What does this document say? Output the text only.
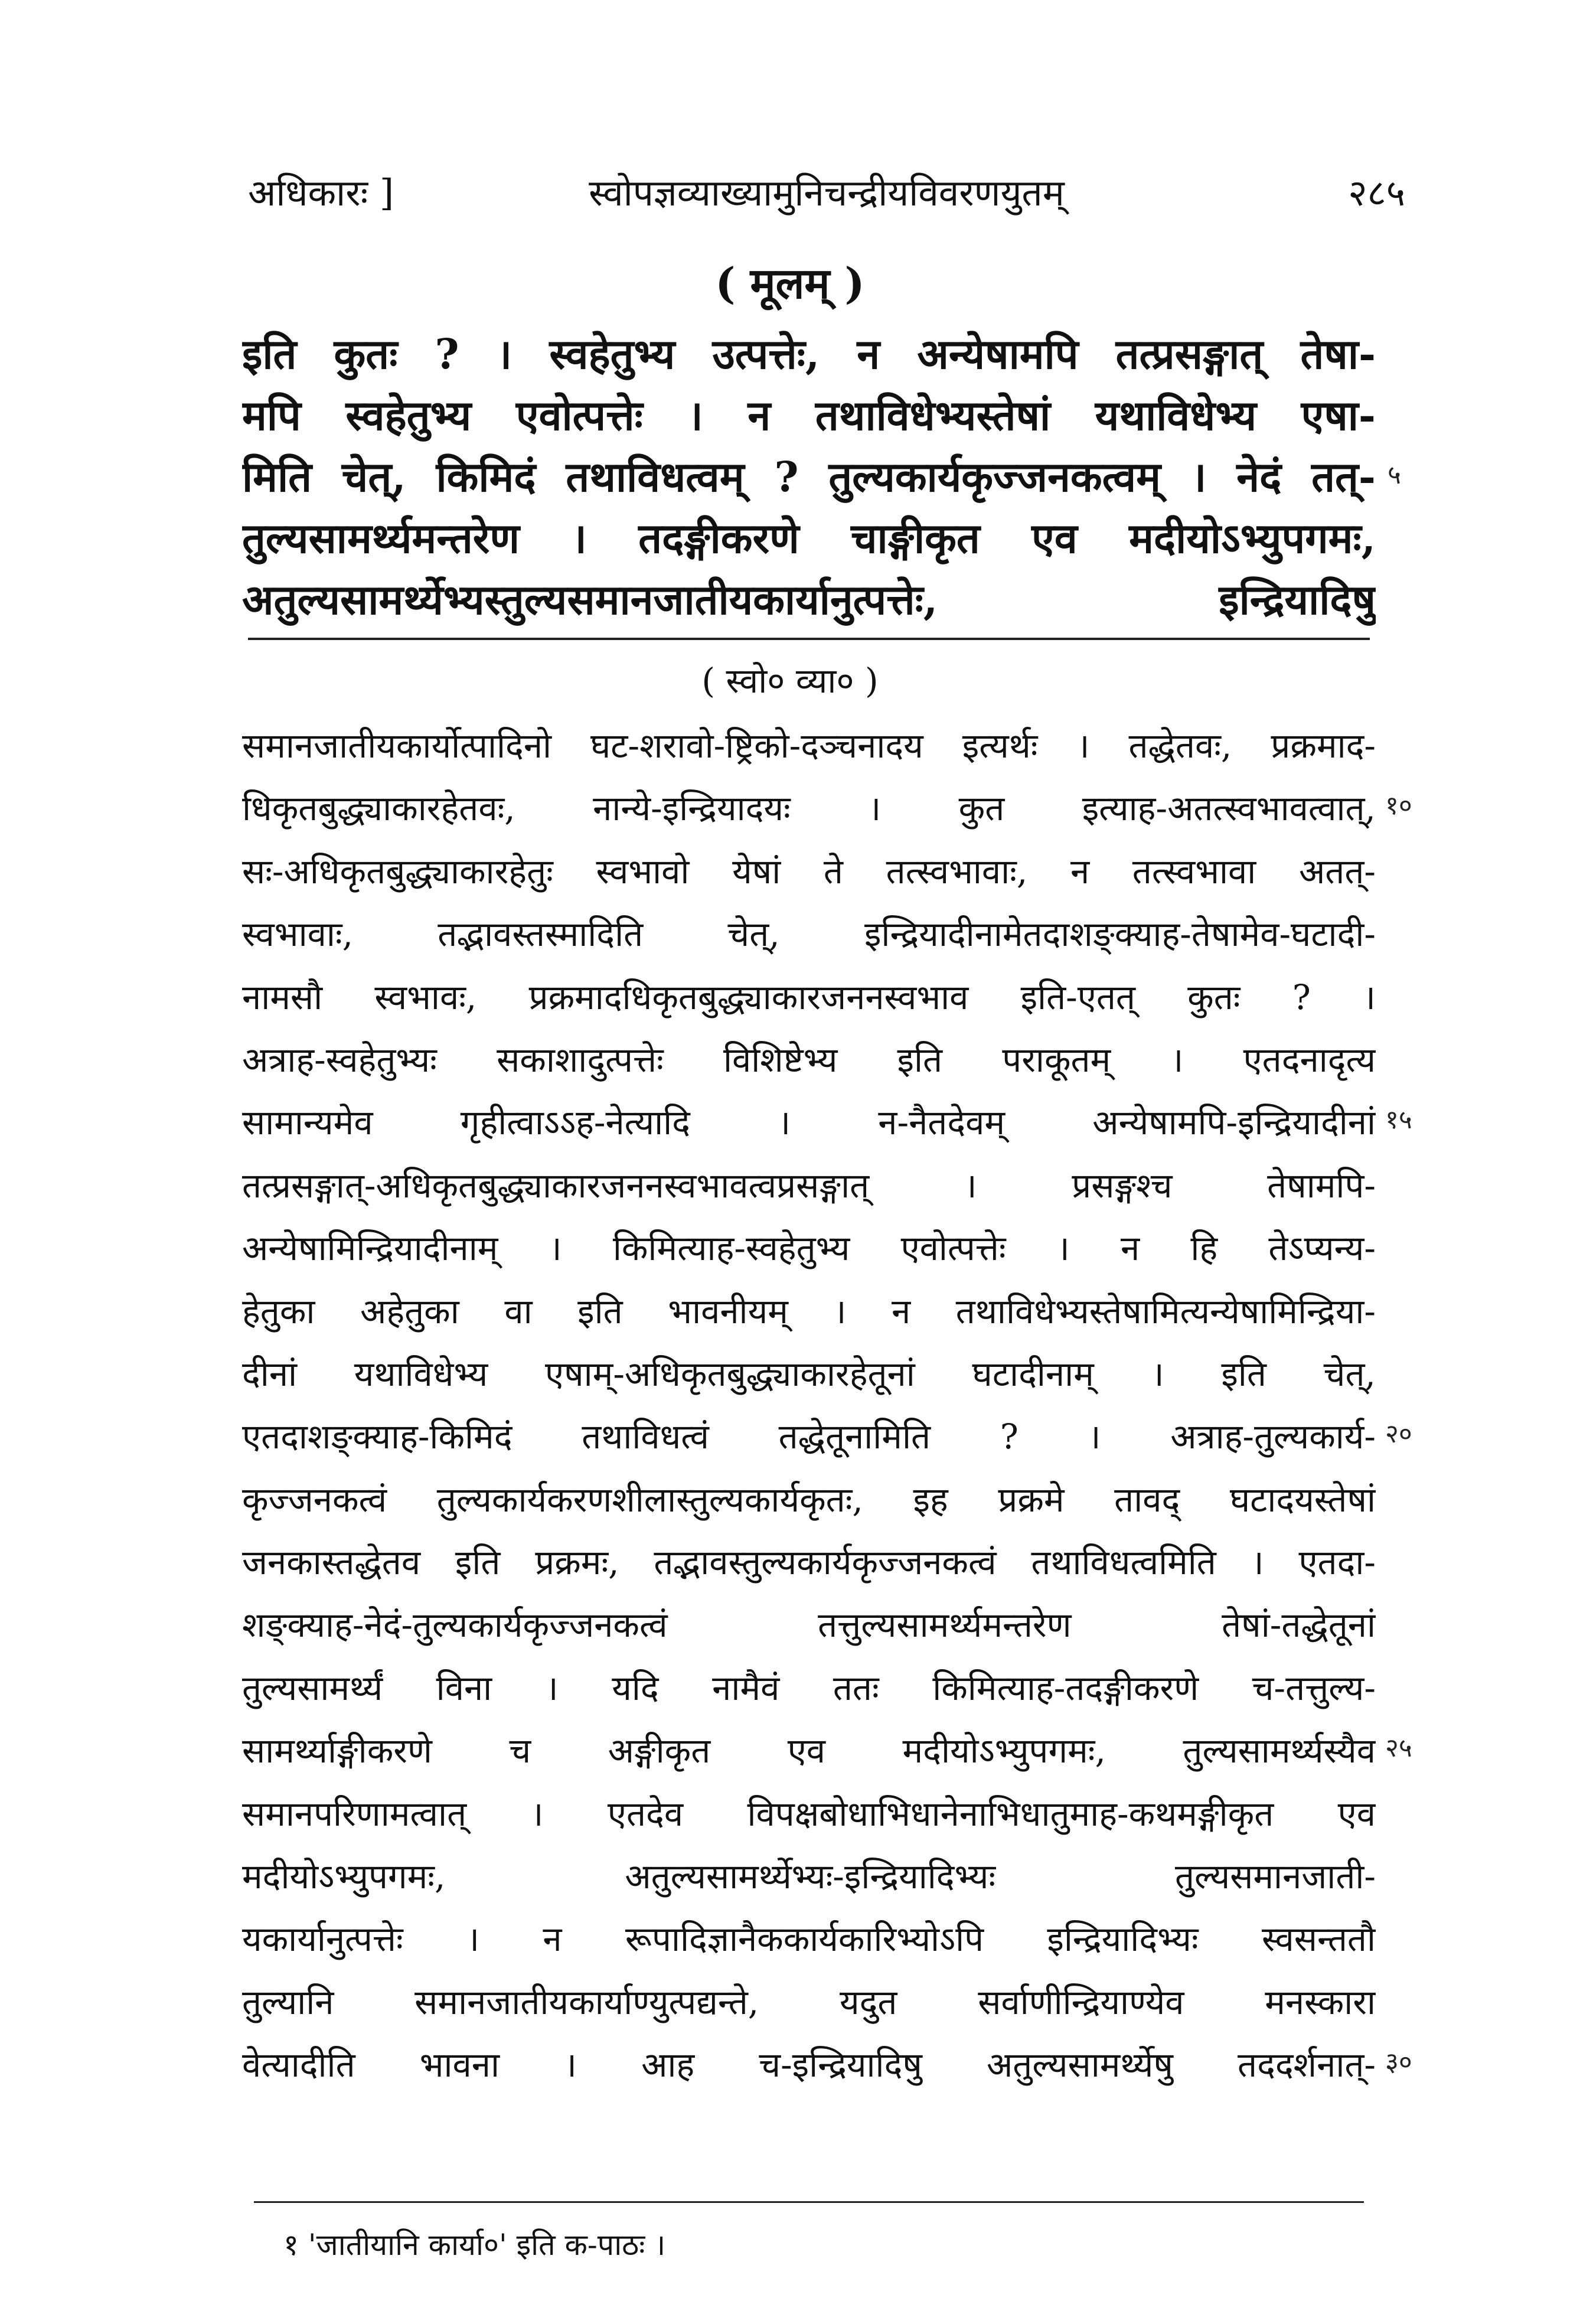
अधिकारः ]	स्वोपज्ञव्याख्यामुनिचन्द्रीयविवरणयुतम्	२८५
( मूलम् )
इति कुतः ? । स्वहेतुभ्य उत्पत्तेः, न अन्येषामपि तत्प्रसङ्गात् तेषा-
मपि स्वहेतुभ्य एवोत्पत्तेः । न तथाविधेभ्यस्तेषां यथाविधेभ्य एषा-
मिति चेत्, किमिदं तथाविधत्वम् ? तुल्यकार्यकृज्जनकत्वम् । नेदं तत्-
तुल्यसामर्थ्यमन्तरेण । तदङ्गीकरणे चाङ्गीकृत एव मदीयोऽभ्युपगमः,
अतुल्यसामर्थ्येभ्यस्तुल्यसमानजातीयकार्यानुत्पत्तेः, इन्द्रियादिषु
५
( स्वो० व्या० )
समानजातीयकार्योत्पादिनो घट-शरावो-ष्ट्रिको-दञ्चनादय इत्यर्थः । तद्धेतवः, प्रक्रमाद-
धिकृतबुद्ध्याकारहेतवः, नान्ये-इन्द्रियादयः । कुत इत्याह-अतत्स्वभावत्वात्,
सः-अधिकृतबुद्ध्याकारहेतुः स्वभावो येषां ते तत्स्वभावाः, न तत्स्वभावा अतत्-
स्वभावाः, तद्भावस्तस्मादिति चेत्, इन्द्रियादीनामेतदाशङ्क्याह-तेषामेव-घटादी-
नामसौ स्वभावः, प्रक्रमादधिकृतबुद्ध्याकारजननस्वभाव इति-एतत् कुतः ? ।
अत्राह-स्वहेतुभ्यः सकाशादुत्पत्तेः विशिष्टेभ्य इति पराकूतम् । एतदनादृत्य
सामान्यमेव गृहीत्वाऽऽह-नेत्यादि । न-नैतदेवम् अन्येषामपि-इन्द्रियादीनां
तत्प्रसङ्गात्-अधिकृतबुद्ध्याकारजननस्वभावत्वप्रसङ्गात् । प्रसङ्गश्च तेषामपि-
अन्येषामिन्द्रियादीनाम् । किमित्याह-स्वहेतुभ्य एवोत्पत्तेः । न हि तेऽप्यन्य-
हेतुका अहेतुका वा इति भावनीयम् । न तथाविधेभ्यस्तेषामित्यन्येषामिन्द्रिया-
दीनां यथाविधेभ्य एषाम्-अधिकृतबुद्ध्याकारहेतूनां घटादीनाम् । इति चेत्,
एतदाशङ्क्याह-किमिदं तथाविधत्वं तद्धेतूनामिति ? । अत्राह-तुल्यकार्य-
कृज्जनकत्वं तुल्यकार्यकरणशीलास्तुल्यकार्यकृतः, इह प्रक्रमे तावद् घटादयस्तेषां
जनकास्तद्धेतव इति प्रक्रमः, तद्भावस्तुल्यकार्यकृज्जनकत्वं तथाविधत्वमिति । एतदा-
शङ्क्याह-नेदं-तुल्यकार्यकृज्जनकत्वं तत्तुल्यसामर्थ्यमन्तरेण तेषां-तद्धेतूनां
तुल्यसामर्थ्यं विना । यदि नामैवं ततः किमित्याह-तदङ्गीकरणे च-तत्तुल्य-
सामर्थ्याङ्गीकरणे च अङ्गीकृत एव मदीयोऽभ्युपगमः, तुल्यसामर्थ्यस्यैव
समानपरिणामत्वात् । एतदेव विपक्षबोधाभिधानेनाभिधातुमाह-कथमङ्गीकृत एव
मदीयोऽभ्युपगमः, अतुल्यसामर्थ्येभ्यः-इन्द्रियादिभ्यः तुल्यसमानजाती-
यकार्यानुत्पत्तेः । न रूपादिज्ञानैककार्यकारिभ्योऽपि इन्द्रियादिभ्यः स्वसन्ततौ
तुल्यानि समानजातीयकार्याण्युत्पद्यन्ते, यदुत सर्वाणीन्द्रियाण्येव मनस्कारा
वेत्यादीति भावना । आह च-इन्द्रियादिषु अतुल्यसामर्थ्येषु तददर्शनात्-
१०
१५
२०
२५
३०
१ 'जातीयानि कार्या०' इति क-पाठः ।
